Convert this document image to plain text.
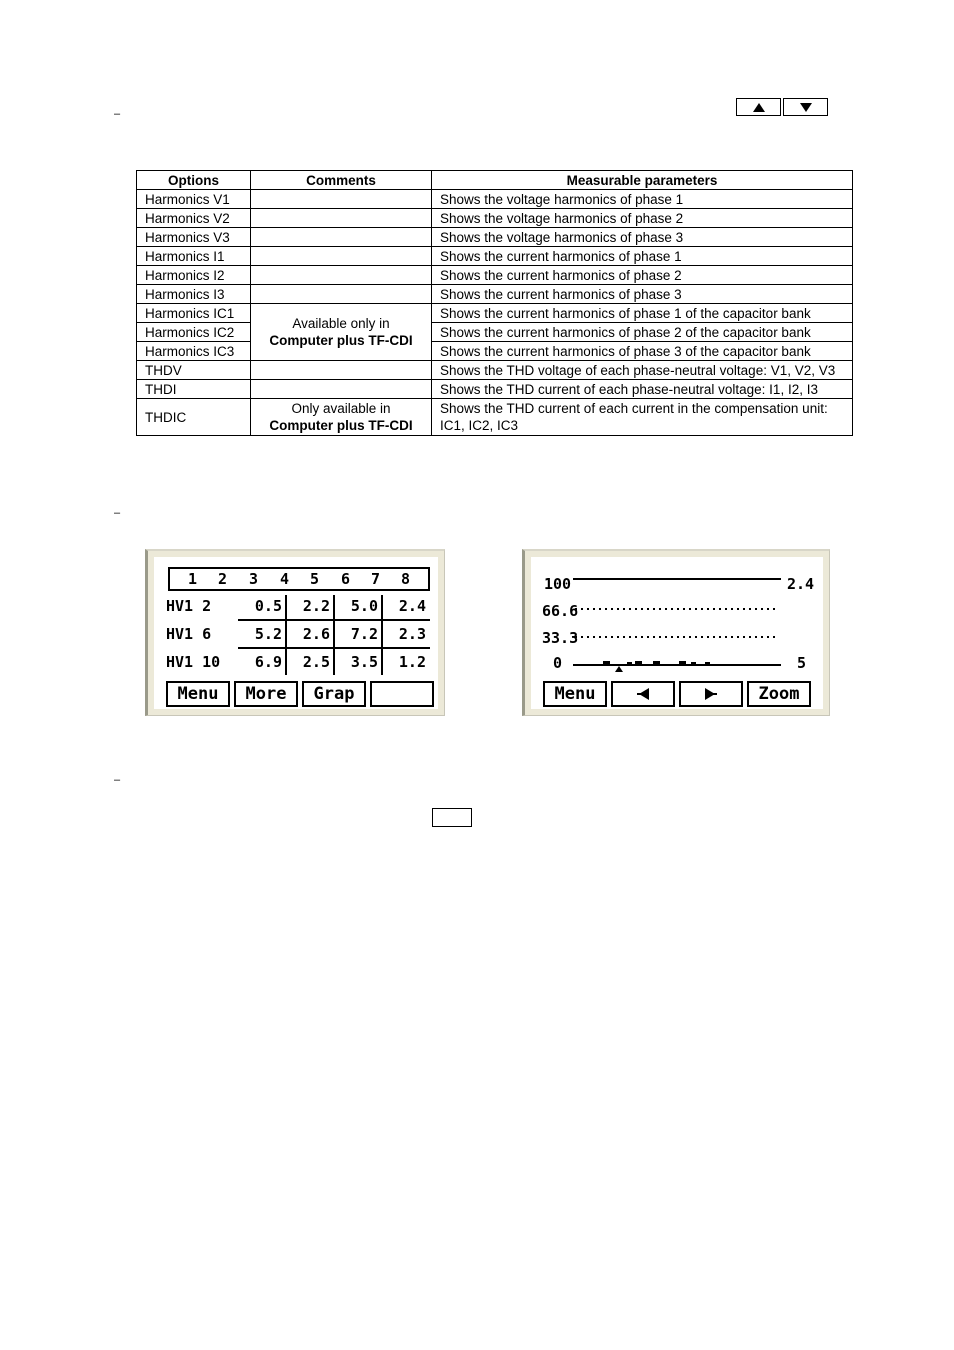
–
–
–
Options	Comments	Measurable parameters
Harmonics V1		Shows the voltage harmonics of phase 1
Harmonics V2		Shows the voltage harmonics of phase 2
Harmonics V3		Shows the voltage harmonics of phase 3
Harmonics I1		Shows the current harmonics of phase 1
Harmonics I2		Shows the current harmonics of phase 2
Harmonics I3		Shows the current harmonics of phase 3
Harmonics IC1	Available only in Computer plus TF-CDI	Shows the current harmonics of phase 1 of the capacitor bank
Harmonics IC2		Shows the current harmonics of phase 2 of the capacitor bank
Harmonics IC3		Shows the current harmonics of phase 3 of the capacitor bank
THDV		Shows the THD voltage of each phase-neutral voltage: V1, V2, V3
THDI		Shows the THD current of each phase-neutral voltage: I1, I2, I3
THDIC	Only available in Computer plus TF-CDI	Shows the THD current of each current in the compensation unit: IC1, IC2, IC3
1 2 3 4 5 6 7 8
HV1 2	0.5	2.2	5.0	2.4
HV1 6	5.2	2.6	7.2	2.3
HV1 10	6.9	2.5	3.5	1.2
Menu	More	Grap
100
66.6
33.3
0
2.4
5
Menu	Zoom
